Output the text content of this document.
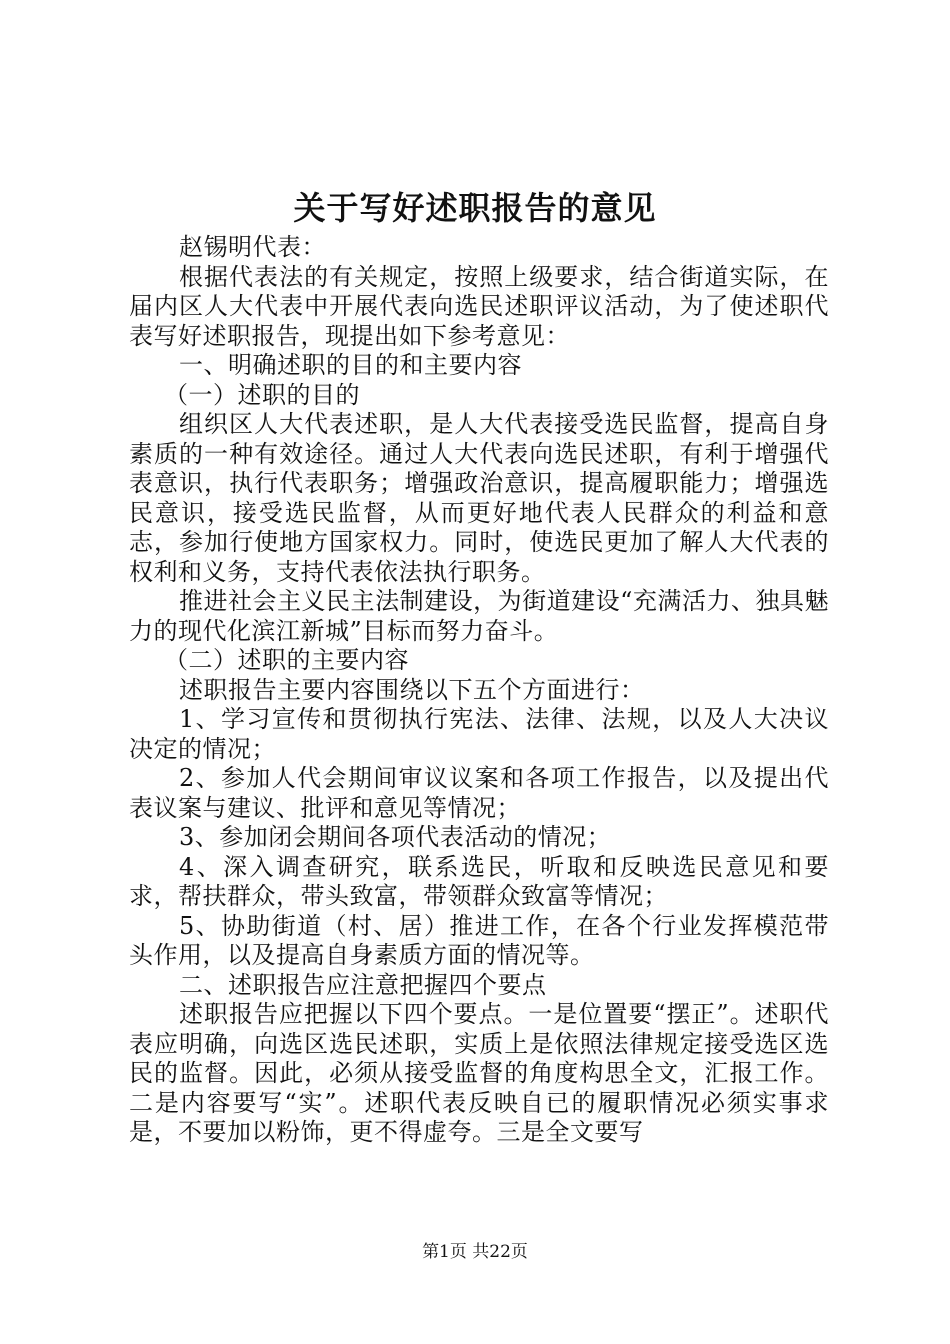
关于写好述职报告的意见

赵锡明代表：

根据代表法的有关规定，按照上级要求，结合街道实际，在届内区人大代表中开展代表向选民述职评议活动，为了使述职代表写好述职报告，现提出如下参考意见：

一、明确述职的目的和主要内容

（一）述职的目的

组织区人大代表述职，是人大代表接受选民监督，提高自身素质的一种有效途径。通过人大代表向选民述职，有利于增强代表意识，执行代表职务；增强政治意识，提高履职能力；增强选民意识，接受选民监督，从而更好地代表人民群众的利益和意志，参加行使地方国家权力。同时，使选民更加了解人大代表的权利和义务，支持代表依法执行职务。

推进社会主义民主法制建设，为街道建设“充满活力、独具魅力的现代化滨江新城”目标而努力奋斗。

（二）述职的主要内容

述职报告主要内容围绕以下五个方面进行：

1、学习宣传和贯彻执行宪法、法律、法规，以及人大决议决定的情况；

2、参加人代会期间审议议案和各项工作报告，以及提出代表议案与建议、批评和意见等情况；

3、参加闭会期间各项代表活动的情况；

4、深入调查研究，联系选民，听取和反映选民意见和要求，帮扶群众，带头致富，带领群众致富等情况；

5、协助街道（村、居）推进工作，在各个行业发挥模范带头作用，以及提高自身素质方面的情况等。

二、述职报告应注意把握四个要点

述职报告应把握以下四个要点。一是位置要“摆正”。述职代表应明确，向选区选民述职，实质上是依照法律规定接受选区选民的监督。因此，必须从接受监督的角度构思全文，汇报工作。二是内容要写“实”。述职代表反映自已的履职情况必须实事求是，不要加以粉饰，更不得虚夸。三是全文要写

第1页 共22页
